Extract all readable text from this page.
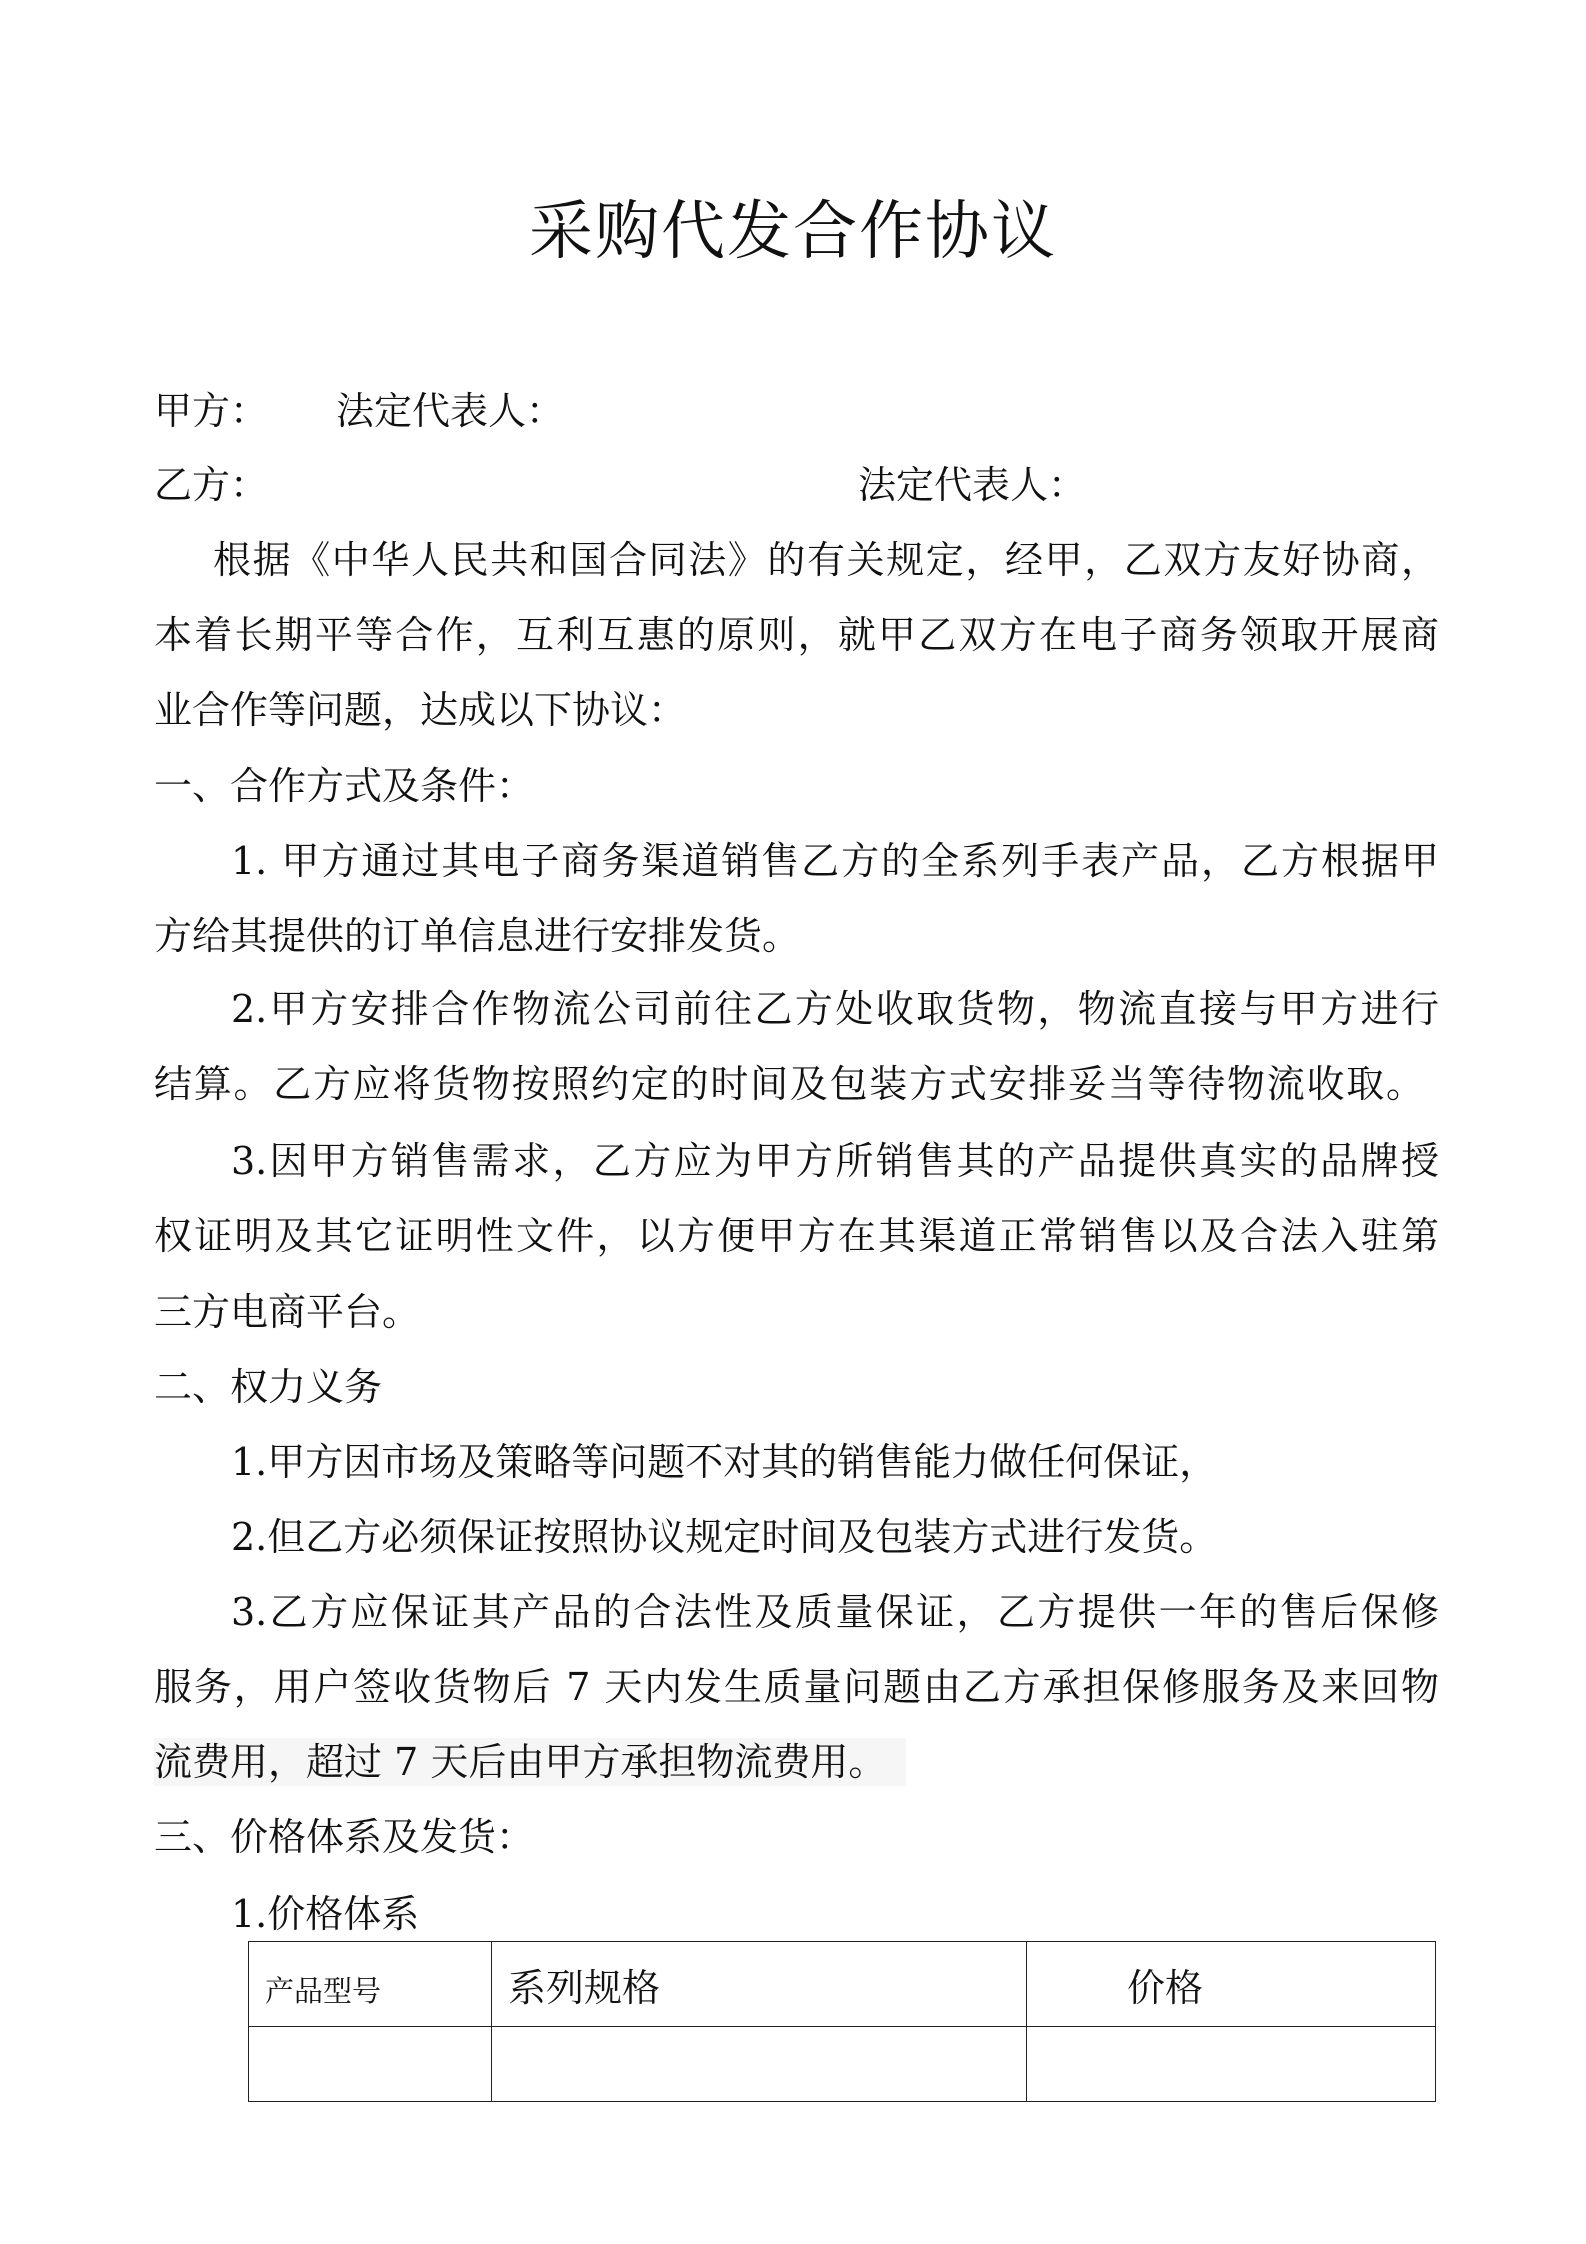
采购代发合作协议
甲方： 法定代表人：
乙方：	法定代表人：
根据《中华人民共和国合同法》的有关规定，经甲，乙双方友好协商，
本着长期平等合作，互利互惠的原则，就甲乙双方在电子商务领取开展商
业合作等问题，达成以下协议：
一、合作方式及条件：
1. 甲方通过其电子商务渠道销售乙方的全系列手表产品，乙方根据甲
方给其提供的订单信息进行安排发货。
2.甲方安排合作物流公司前往乙方处收取货物，物流直接与甲方进行
结算。乙方应将货物按照约定的时间及包装方式安排妥当等待物流收取。
3.因甲方销售需求，乙方应为甲方所销售其的产品提供真实的品牌授
权证明及其它证明性文件，以方便甲方在其渠道正常销售以及合法入驻第
三方电商平台。
二、权力义务
1.甲方因市场及策略等问题不对其的销售能力做任何保证，
2.但乙方必须保证按照协议规定时间及包装方式进行发货。
3.乙方应保证其产品的合法性及质量保证，乙方提供一年的售后保修
服务，用户签收货物后 7 天内发生质量问题由乙方承担保修服务及来回物
流费用，超过 7 天后由甲方承担物流费用。
三、价格体系及发货：
1.价格体系
产品型号	系列规格	价格
